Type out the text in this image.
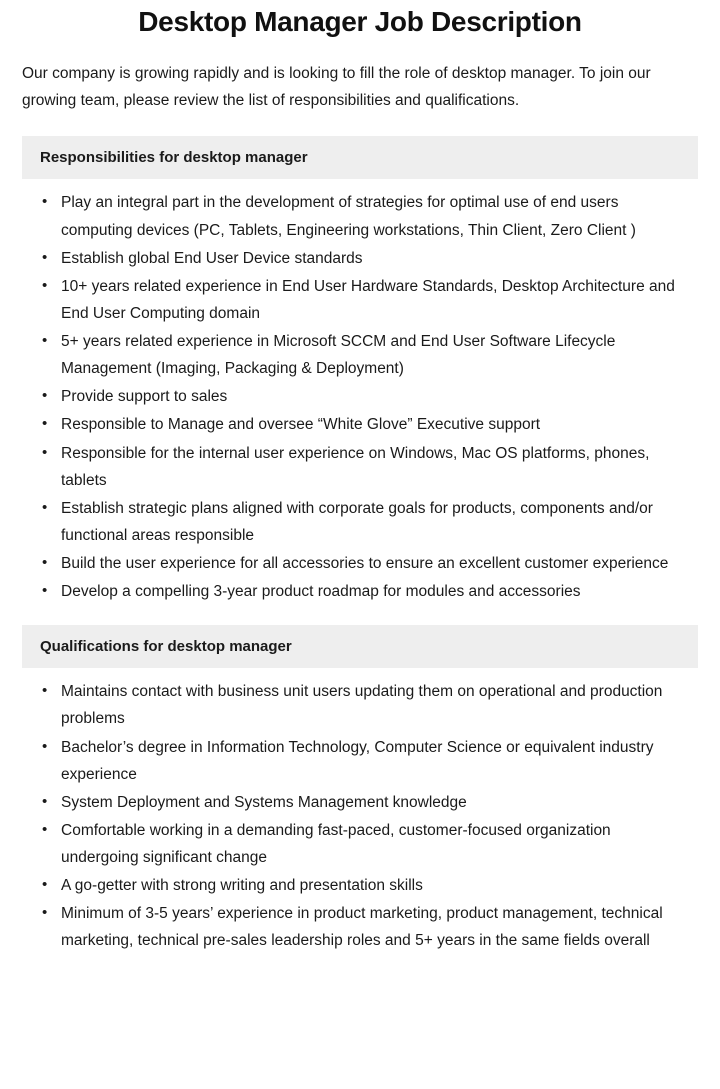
Desktop Manager Job Description

Our company is growing rapidly and is looking to fill the role of desktop manager. To join our growing team, please review the list of responsibilities and qualifications.

Responsibilities for desktop manager
• Play an integral part in the development of strategies for optimal use of end users computing devices (PC, Tablets, Engineering workstations, Thin Client, Zero Client )
• Establish global End User Device standards
• 10+ years related experience in End User Hardware Standards, Desktop Architecture and End User Computing domain
• 5+ years related experience in Microsoft SCCM and End User Software Lifecycle Management (Imaging, Packaging & Deployment)
• Provide support to sales
• Responsible to Manage and oversee “White Glove” Executive support
• Responsible for the internal user experience on Windows, Mac OS platforms, phones, tablets
• Establish strategic plans aligned with corporate goals for products, components and/or functional areas responsible
• Build the user experience for all accessories to ensure an excellent customer experience
• Develop a compelling 3-year product roadmap for modules and accessories
Qualifications for desktop manager
• Maintains contact with business unit users updating them on operational and production problems
• Bachelor’s degree in Information Technology, Computer Science or equivalent industry experience
• System Deployment and Systems Management knowledge
• Comfortable working in a demanding fast-paced, customer-focused organization undergoing significant change
• A go-getter with strong writing and presentation skills
• Minimum of 3-5 years’ experience in product marketing, product management, technical marketing, technical pre-sales leadership roles and 5+ years in the same fields overall
